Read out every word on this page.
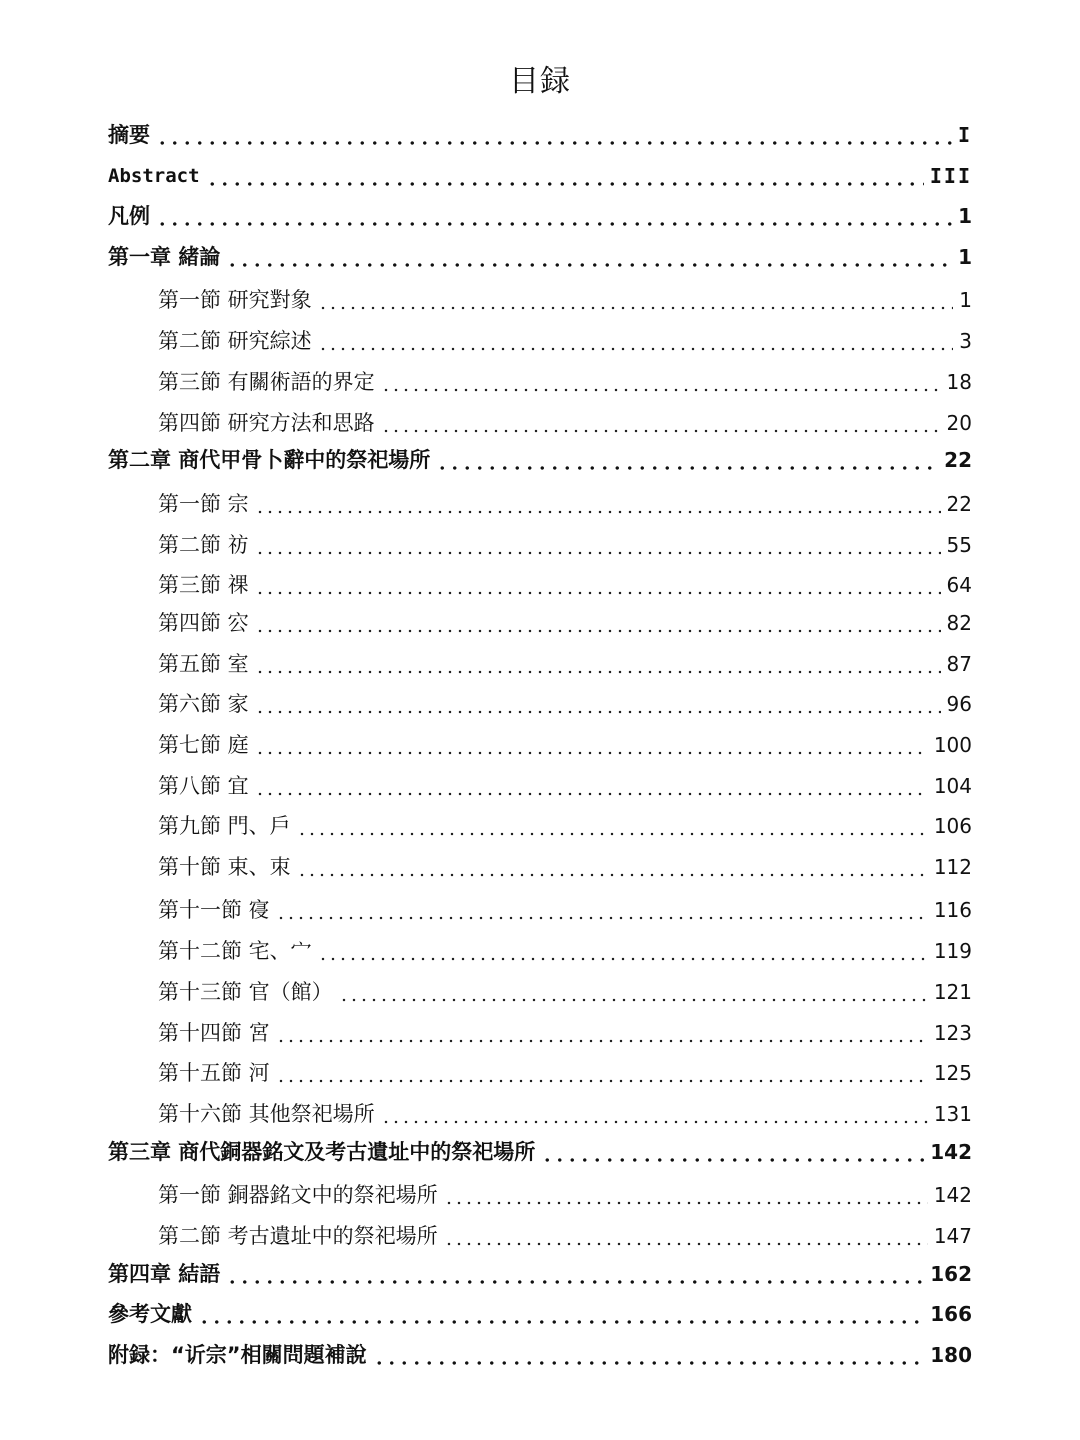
目録
摘要	I
Abstract	III
凡例	1
第一章 緒論	1
第一節 研究對象	1
第二節 研究綜述	3
第三節 有關術語的界定	18
第四節 研究方法和思路	20
第二章 商代甲骨卜辭中的祭祀場所	22
第一節 宗	22
第二節 祊	55
第三節 祼	64
第四節 㝐	82
第五節 室	87
第六節 家	96
第七節 庭	100
第八節 宜	104
第九節 門、戶	106
第十節 束、朿	112
第十一節 寑	116
第十二節 宅、宀	119
第十三節 官（館）	121
第十四節 宮	123
第十五節 河	125
第十六節 其他祭祀場所	131
第三章 商代銅器銘文及考古遺址中的祭祀場所	142
第一節 銅器銘文中的祭祀場所	142
第二節 考古遺址中的祭祀場所	147
第四章 結語	162
參考文獻	166
附録：“䜣宗”相關問題補說	180
